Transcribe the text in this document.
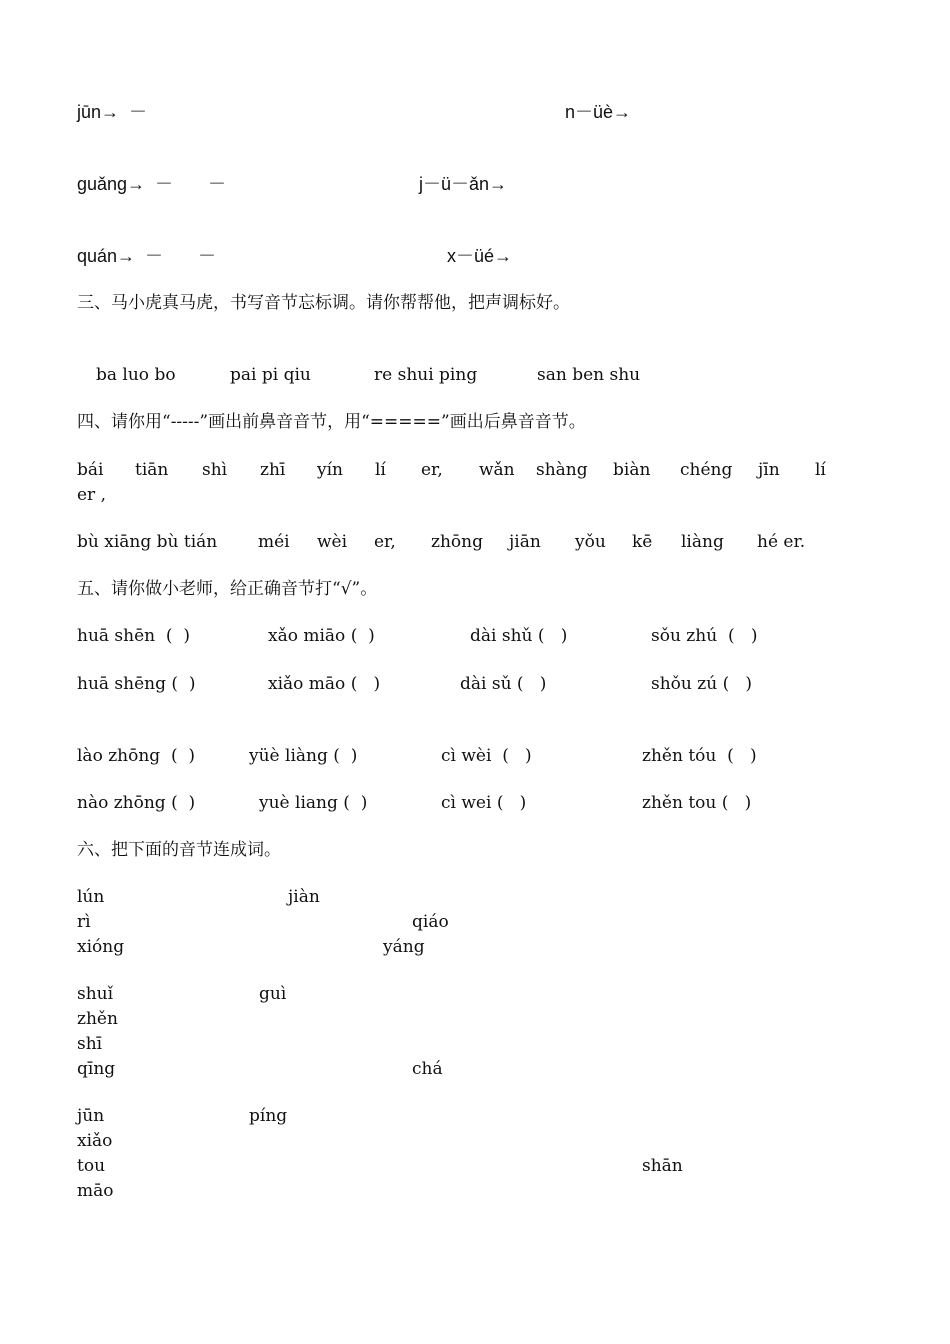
jūn→  －	n－üè→
guǎng→  －       －	j－ü－ǎn→
quán→  －       －	x－üé→
三、马小虎真马虎，书写音节忘标调。请你帮帮他，把声调标好。
ba luo bo	pai pi qiu	re shui ping	san ben shu
四、请你用“-----”画出前鼻音音节，用“=====”画出后鼻音音节。
bái tiān shì zhī yín lí er, wǎn shàng biàn chéng jīn lí
er ,
bù xiāng bù tián méi wèi er, zhōng jiān yǒu kē liàng hé er.
五、请你做小老师，给正确音节打“√”。
huā shēn  (  )	xǎo miāo (  )	dài shǔ (   )	sǒu zhú  (   )
huā shēng (  )	xiǎo māo (   )	dài sǔ (   )	shǒu zú (   )
lào zhōng  (  )	yüè liàng (  )	cì wèi  (   )	zhěn tóu  (   )
nào zhōng (  )	yuè liang (  )	cì wei (   )	zhěn tou (   )
六、把下面的音节连成词。
lún	jiàn
rì	qiáo
xióng	yáng
shuǐ	guì
zhěn
shī
qīng	chá
jūn	píng
xiǎo
tou	shān
māo
